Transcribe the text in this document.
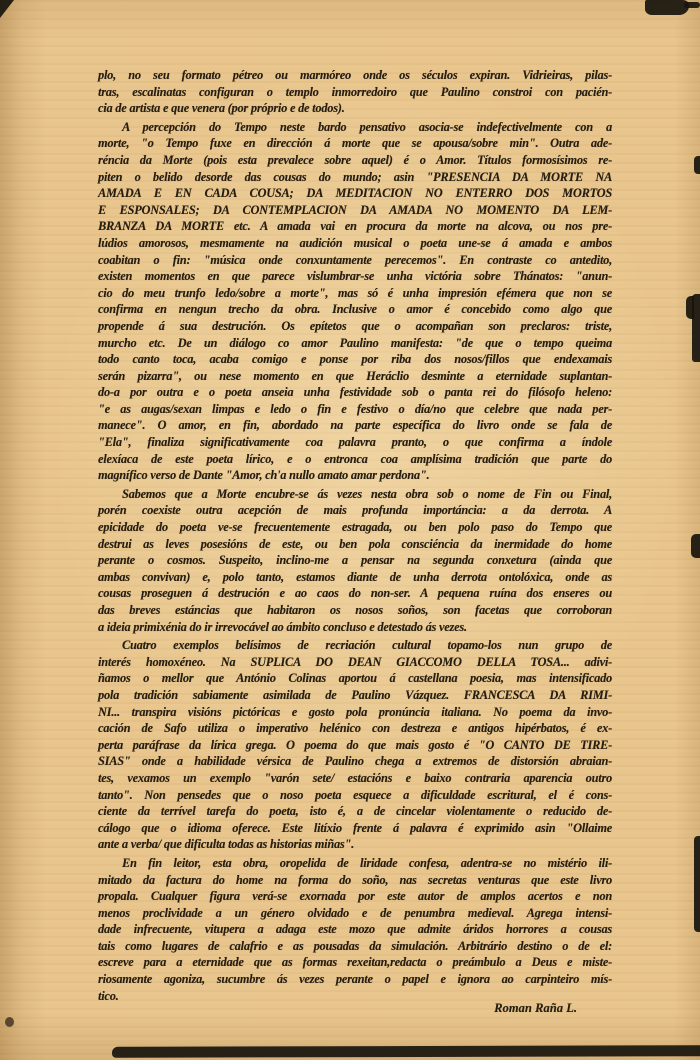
plo, no seu formato pétreo ou marmóreo onde os séculos expiran. Vidrieiras, pilas-
tras, escalinatas configuran o templo inmorredoiro que Paulino constroi con pacién-
cia de artista e que venera (por próprio e de todos).
A percepción do Tempo neste bardo pensativo asocia-se indefectivelmente con a
morte, "o Tempo fuxe en dirección á morte que se apousa/sobre min". Outra ade-
réncia da Morte (pois esta prevalece sobre aquel) é o Amor. Títulos formosísimos re-
piten o belido desorde das cousas do mundo; asin "PRESENCIA DA MORTE NA
AMADA E EN CADA COUSA; DA MEDITACION NO ENTERRO DOS MORTOS
E ESPONSALES; DA CONTEMPLACION DA AMADA NO MOMENTO DA LEM-
BRANZA DA MORTE etc. A amada vai en procura da morte na alcova, ou nos pre-
lúdios amorosos, mesmamente na audición musical o poeta une-se á amada e ambos
coabitan o fin: "música onde conxuntamente perecemos". En contraste co antedito,
existen momentos en que parece vislumbrar-se unha victória sobre Thánatos: "anun-
cio do meu trunfo ledo/sobre a morte", mas só é unha impresión efémera que non se
confirma en nengun trecho da obra. Inclusive o amor é concebido como algo que
propende á sua destrución. Os epítetos que o acompañan son preclaros: triste,
murcho etc. De un diálogo co amor Paulino manifesta: "de que o tempo queima
todo canto toca, acaba comigo e ponse por riba dos nosos/fillos que endexamais
serán pizarra", ou nese momento en que Heráclio desminte a eternidade suplantan-
do-a por outra e o poeta anseia unha festividade sob o panta rei do filósofo heleno:
"e as augas/sexan limpas e ledo o fin e festivo o día/no que celebre que nada per-
manece". O amor, en fin, abordado na parte específica do livro onde se fala de
"Ela", finaliza significativamente coa palavra pranto, o que confirma a índole
elexíaca de este poeta lírico, e o entronca coa amplísima tradición que parte do
magnífico verso de Dante "Amor, ch'a nullo amato amar perdona".
Sabemos que a Morte encubre-se ás vezes nesta obra sob o nome de Fin ou Final,
porén coexiste outra acepción de mais profunda importáncia: a da derrota. A
epicidade do poeta ve-se frecuentemente estragada, ou ben polo paso do Tempo que
destrui as leves posesións de este, ou ben pola consciéncia da inermidade do home
perante o cosmos. Suspeito, inclino-me a pensar na segunda conxetura (ainda que
ambas convivan) e, polo tanto, estamos diante de unha derrota ontolóxica, onde as
cousas proseguen á destrución e ao caos do non-ser. A pequena ruína dos enseres ou
das breves estáncias que habitaron os nosos soños, son facetas que corroboran
a ideia primixénia do ir irrevocável ao ámbito concluso e detestado ás vezes.
Cuatro exemplos belísimos de recriación cultural topamo-los nun grupo de
interés homoxéneo. Na SUPLICA DO DEAN GIACCOMO DELLA TOSA... adivi-
ñamos o mellor que António Colinas aportou á castellana poesia, mas intensificado
pola tradición sabiamente asimilada de Paulino Vázquez. FRANCESCA DA RIMI-
NI... transpira visións pictóricas e gosto pola pronúncia italiana. No poema da invo-
cación de Safo utiliza o imperativo helénico con destreza e antigos hipérbatos, é ex-
perta paráfrase da lírica grega. O poema do que mais gosto é "O CANTO DE TIRE-
SIAS" onde a habilidade vérsica de Paulino chega a extremos de distorsión abraian-
tes, vexamos un exemplo "varón sete/ estacións e baixo contraria aparencia outro
tanto". Non pensedes que o noso poeta esquece a dificuldade escritural, el é cons-
ciente da terrível tarefa do poeta, isto é, a de cincelar violentamente o reducido de-
cálogo que o idioma oferece. Este litíxio frente á palavra é exprimido asin "Ollaime
ante a verba/ que dificulta todas as historias miñas".
En fin leitor, esta obra, oropelida de liridade confesa, adentra-se no mistério ili-
mitado da factura do home na forma do soño, nas secretas venturas que este livro
propala. Cualquer figura verá-se exornada por este autor de amplos acertos e non
menos proclividade a un género olvidado e de penumbra medieval. Agrega intensi-
dade infrecuente, vitupera a adaga este mozo que admite áridos horrores a cousas
tais como lugares de calafrio e as pousadas da simulación. Arbitrário destino o de el:
escreve para a eternidade que as formas rexeitan,redacta o preámbulo a Deus e miste-
riosamente agoniza, sucumbre ás vezes perante o papel e ignora ao carpinteiro mís-
tico.
Roman Raña L.
